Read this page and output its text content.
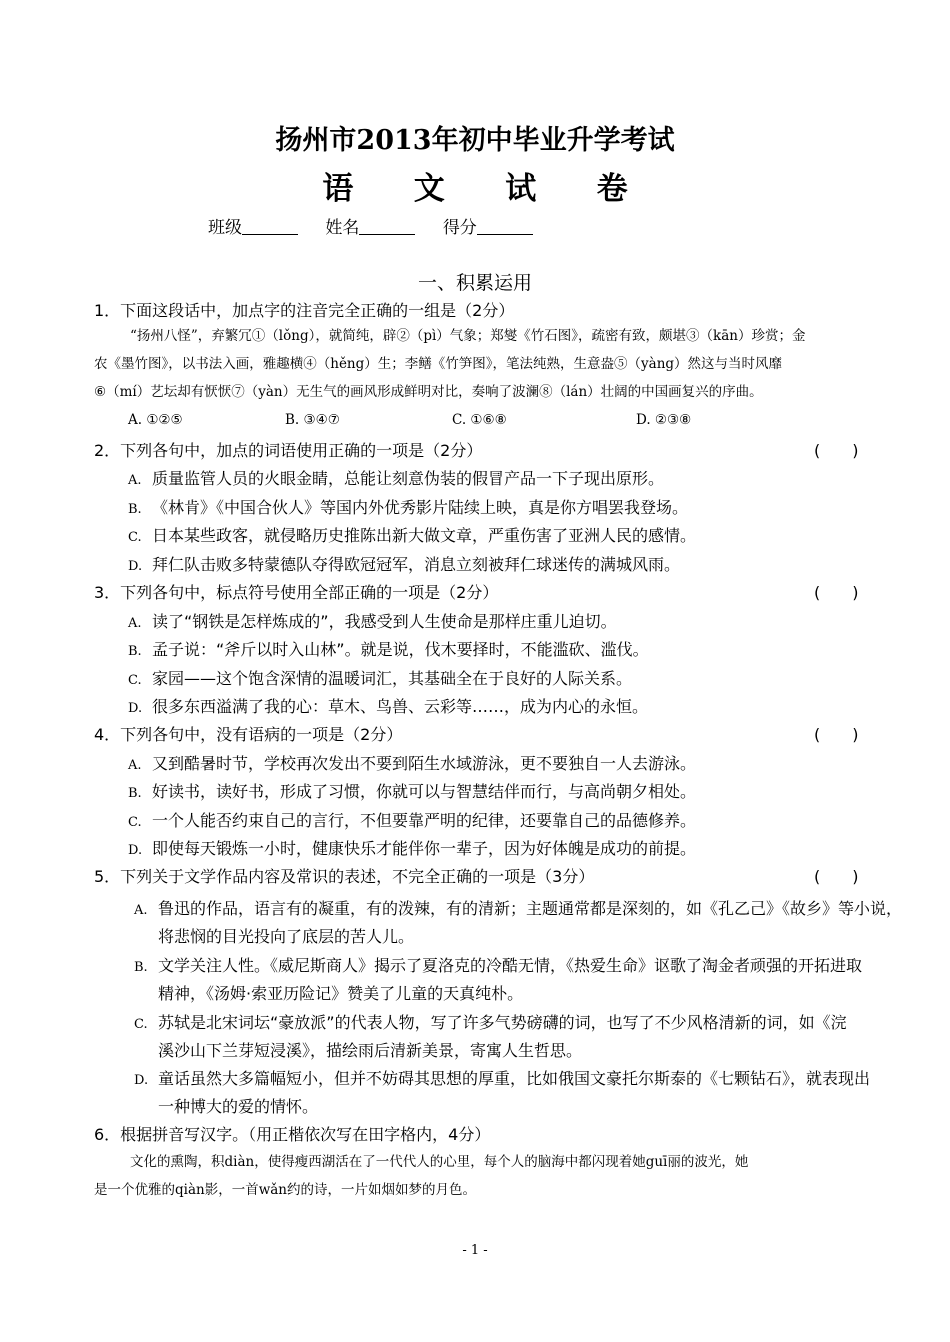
扬州市2013年初中毕业升学考试
语 文 试 卷
班级	姓名	得分
一、积累运用
1．下面这段话中，加点字的注音完全正确的一组是（2分）
“扬州八怪”，弃繁冗①（lǒng），就简纯，辟②（pì）气象；郑燮《竹石图》，疏密有致，颇堪③（kān）珍赏；金
农《墨竹图》，以书法入画，雅趣横④（hěng）生；李鳝《竹笋图》，笔法纯熟，生意盎⑤（yàng）然这与当时风靡
⑥（mí）艺坛却有恹恹⑦（yàn）无生气的画风形成鲜明对比，奏响了波澜⑧（lán）壮阔的中国画复兴的序曲。
A. ①②⑤	B. ③④⑦	C. ①⑥⑧	D. ②③⑧
2．下列各句中，加点的词语使用正确的一项是（2分）	(　　)
A. 质量监管人员的火眼金睛，总能让刻意伪装的假冒产品一下子现出原形。
B. 《林肯》《中国合伙人》等国内外优秀影片陆续上映，真是你方唱罢我登场。
C. 日本某些政客，就侵略历史推陈出新大做文章，严重伤害了亚洲人民的感情。
D. 拜仁队击败多特蒙德队夺得欧冠冠军，消息立刻被拜仁球迷传的满城风雨。
3．下列各句中，标点符号使用全部正确的一项是（2分）	(　　)
A. 读了“钢铁是怎样炼成的”，我感受到人生使命是那样庄重儿迫切。
B. 孟子说：“斧斤以时入山林”。就是说，伐木要择时，不能滥砍、滥伐。
C. 家园——这个饱含深情的温暖词汇，其基础全在于良好的人际关系。
D. 很多东西溢满了我的心：草木、鸟兽、云彩等……，成为内心的永恒。
4．下列各句中，没有语病的一项是（2分）	(　　)
A. 又到酷暑时节，学校再次发出不要到陌生水域游泳，更不要独自一人去游泳。
B. 好读书，读好书，形成了习惯，你就可以与智慧结伴而行，与高尚朝夕相处。
C. 一个人能否约束自己的言行，不但要靠严明的纪律，还要靠自己的品德修养。
D. 即使每天锻炼一小时，健康快乐才能伴你一辈子，因为好体魄是成功的前提。
5．下列关于文学作品内容及常识的表述，不完全正确的一项是（3分）	(　　)
A. 鲁迅的作品，语言有的凝重，有的泼辣，有的清新；主题通常都是深刻的，如《孔乙己》《故乡》等小说，
将悲悯的目光投向了底层的苦人儿。
B. 文学关注人性。《威尼斯商人》揭示了夏洛克的冷酷无情，《热爱生命》讴歌了淘金者顽强的开拓进取
精神，《汤姆·索亚历险记》赞美了儿童的天真纯朴。
C. 苏轼是北宋词坛“豪放派”的代表人物，写了许多气势磅礴的词，也写了不少风格清新的词，如《浣
溪沙山下兰芽短浸溪》，描绘雨后清新美景，寄寓人生哲思。
D. 童话虽然大多篇幅短小，但并不妨碍其思想的厚重，比如俄国文豪托尔斯泰的《七颗钻石》，就表现出
一种博大的爱的情怀。
6．根据拼音写汉字。（用正楷依次写在田字格内，4分）
文化的熏陶，积diàn，使得瘦西湖活在了一代代人的心里，每个人的脑海中都闪现着她guī丽的波光，她
是一个优雅的qiàn影，一首wǎn约的诗，一片如烟如梦的月色。
- 1 -
